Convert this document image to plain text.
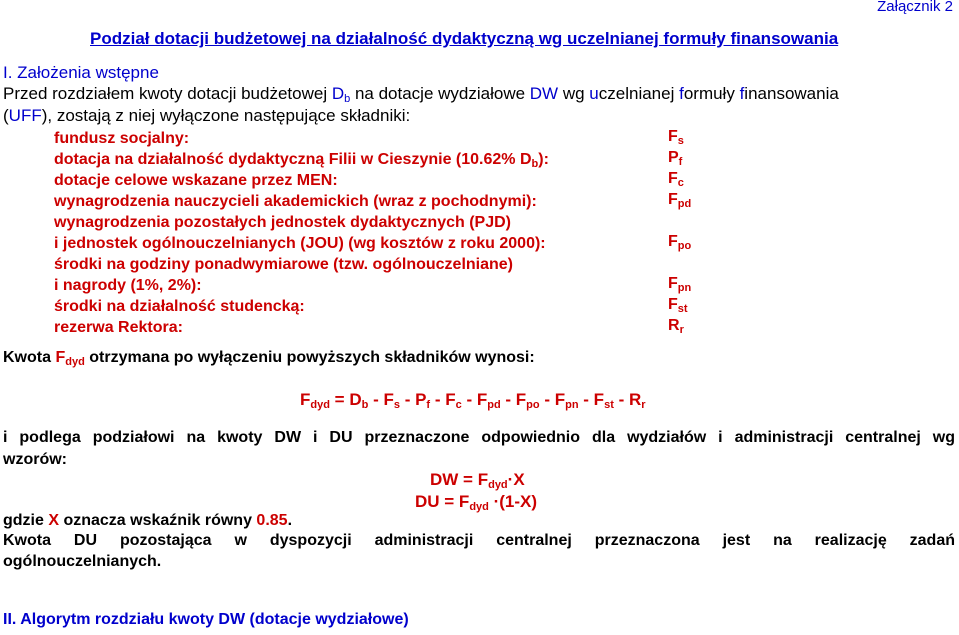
Załącznik 2
Podział dotacji budżetowej na działalność dydaktyczną wg uczelnianej formuły finansowania
I. Założenia wstępne
Przed rozdziałem kwoty dotacji budżetowej $D_b$ na dotacje wydziałowe DW wg uczelnianej formuły finansowania
(UFF), zostają z niej wyłączone następujące składniki:
fundusz socjalny:
dotacja na działalność dydaktyczną Filii w Cieszynie (10.62% $D_b$):
dotacje celowe wskazane przez MEN:
wynagrodzenia nauczycieli akademickich (wraz z pochodnymi):
wynagrodzenia pozostałych jednostek dydaktycznych (PJD)
i jednostek ogólnouczelnianych (JOU) (wg kosztów z roku 2000):
środki na godziny ponadwymiarowe (tzw. ogólnouczelniane)
i nagrody (1%, 2%):
środki na działalność studencką:
rezerwa Rektora:
$F_s$
$P_f$
$F_c$
$F_{pd}$
$F_{po}$
$F_{pn}$
$F_{st}$
$R_r$
Kwota $F_{dyd}$ otrzymana po wyłączeniu powyższych składników wynosi:
$F_{dyd} = D_b - F_s - P_f - F_c - F_{pd} - F_{po} - F_{pn} - F_{st} - R_r$
i podlega podziałowi na kwoty DW i DU przeznaczone odpowiednio dla wydziałów i administracji centralnej wg
wzorów:
DW = $F_{dyd}\cdot X$
DU = $F_{dyd} \cdot(1-X)$
gdzie X oznacza wskaźnik równy 0.85.
Kwota DU pozostająca w dyspozycji administracji centralnej przeznaczona jest na realizację zadań
ogólnouczelnianych.
II. Algorytm rozdziału kwoty DW (dotacje wydziałowe)
